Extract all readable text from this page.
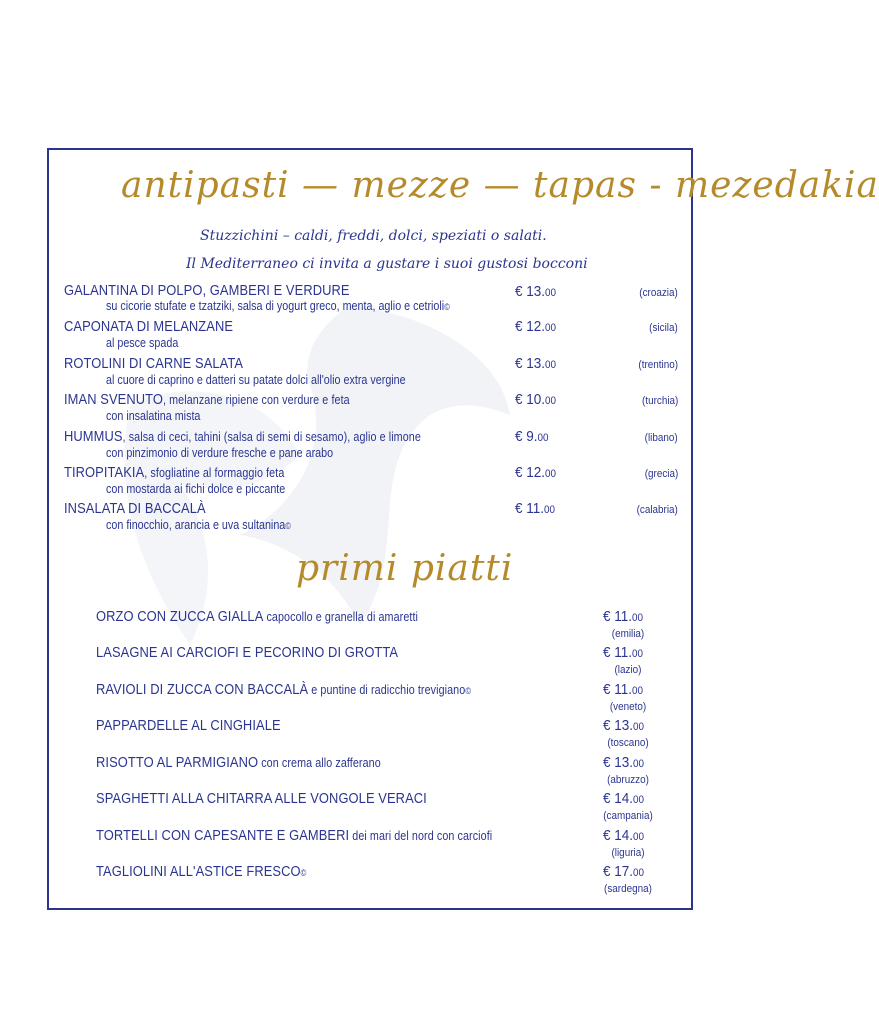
antipasti — mezze — tapas - mezedakia
Stuzzichini – caldi, freddi, dolci, speziati o salati.
Il Mediterraneo ci invita a gustare i suoi gustosi bocconi
GALANTINA DI POLPO, GAMBERI E VERDURE
su cicorie stufate e tzatziki, salsa di yogurt greco, menta, aglio e cetrioli©
€ 13.00	(croazia)
CAPONATA DI MELANZANE
al pesce spada
€ 12.00	(sicila)
ROTOLINI DI CARNE SALATA
al cuore di caprino e datteri su patate dolci all'olio extra vergine
€ 13.00	(trentino)
IMAN SVENUTO, melanzane ripiene con verdure e feta
con insalatina mista
€ 10.00	(turchia)
HUMMUS, salsa di ceci, tahini (salsa di semi di sesamo), aglio e limone
con pinzimonio di verdure fresche e pane arabo
€ 9.00	(libano)
TIROPITAKIA, sfogliatine al formaggio feta
con mostarda ai fichi dolce e piccante
€ 12.00	(grecia)
INSALATA DI BACCALÀ
con finocchio, arancia e uva sultanina©
€ 11.00	(calabria)
primi piatti
ORZO CON ZUCCA GIALLA capocollo e granella di amaretti	€ 11.00
(emilia)
LASAGNE AI CARCIOFI E PECORINO DI GROTTA	€ 11.00
(lazio)
RAVIOLI DI ZUCCA CON BACCALÀ e puntine di radicchio trevigiano©	€ 11.00
(veneto)
PAPPARDELLE AL CINGHIALE	€ 13.00
(toscano)
RISOTTO AL PARMIGIANO con crema allo zafferano	€ 13.00
(abruzzo)
SPAGHETTI ALLA CHITARRA ALLE VONGOLE VERACI	€ 14.00
(campania)
TORTELLI CON CAPESANTE E GAMBERI dei mari del nord con carciofi	€ 14.00
(liguria)
TAGLIOLINI ALL'ASTICE FRESCO©	€ 17.00
(sardegna)
